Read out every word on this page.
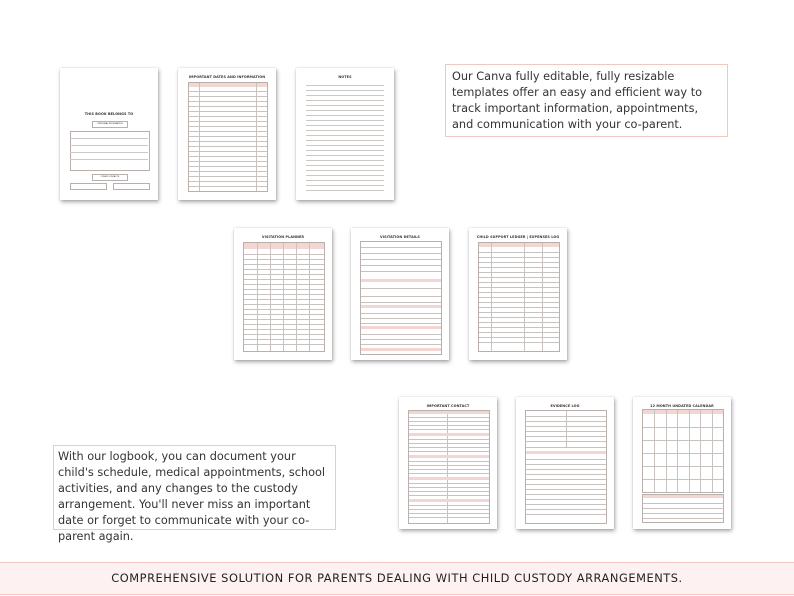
THIS BOOK BELONGS TO
PERSONAL INFORMATION
OTHER CONTACTS
IMPORTANT DATES AND INFORMATION	NOTES	Our Canva fully editable, fully resizable templates offer an easy and efficient way to track important information, appointments, and communication with your co-parent.

VISITATION PLANNER	VISITATION DETAILS	CHILD SUPPORT LEDGER | EXPENSES LOG

With our logbook, you can document your child's schedule, medical appointments, school activities, and any changes to the custody arrangement. You'll never miss an important date or forget to communicate with your co-parent again.

IMPORTANT CONTACT	EVIDENCE LOG	12 MONTH UNDATED CALENDAR
COMPREHENSIVE SOLUTION FOR PARENTS DEALING WITH CHILD CUSTODY ARRANGEMENTS.
